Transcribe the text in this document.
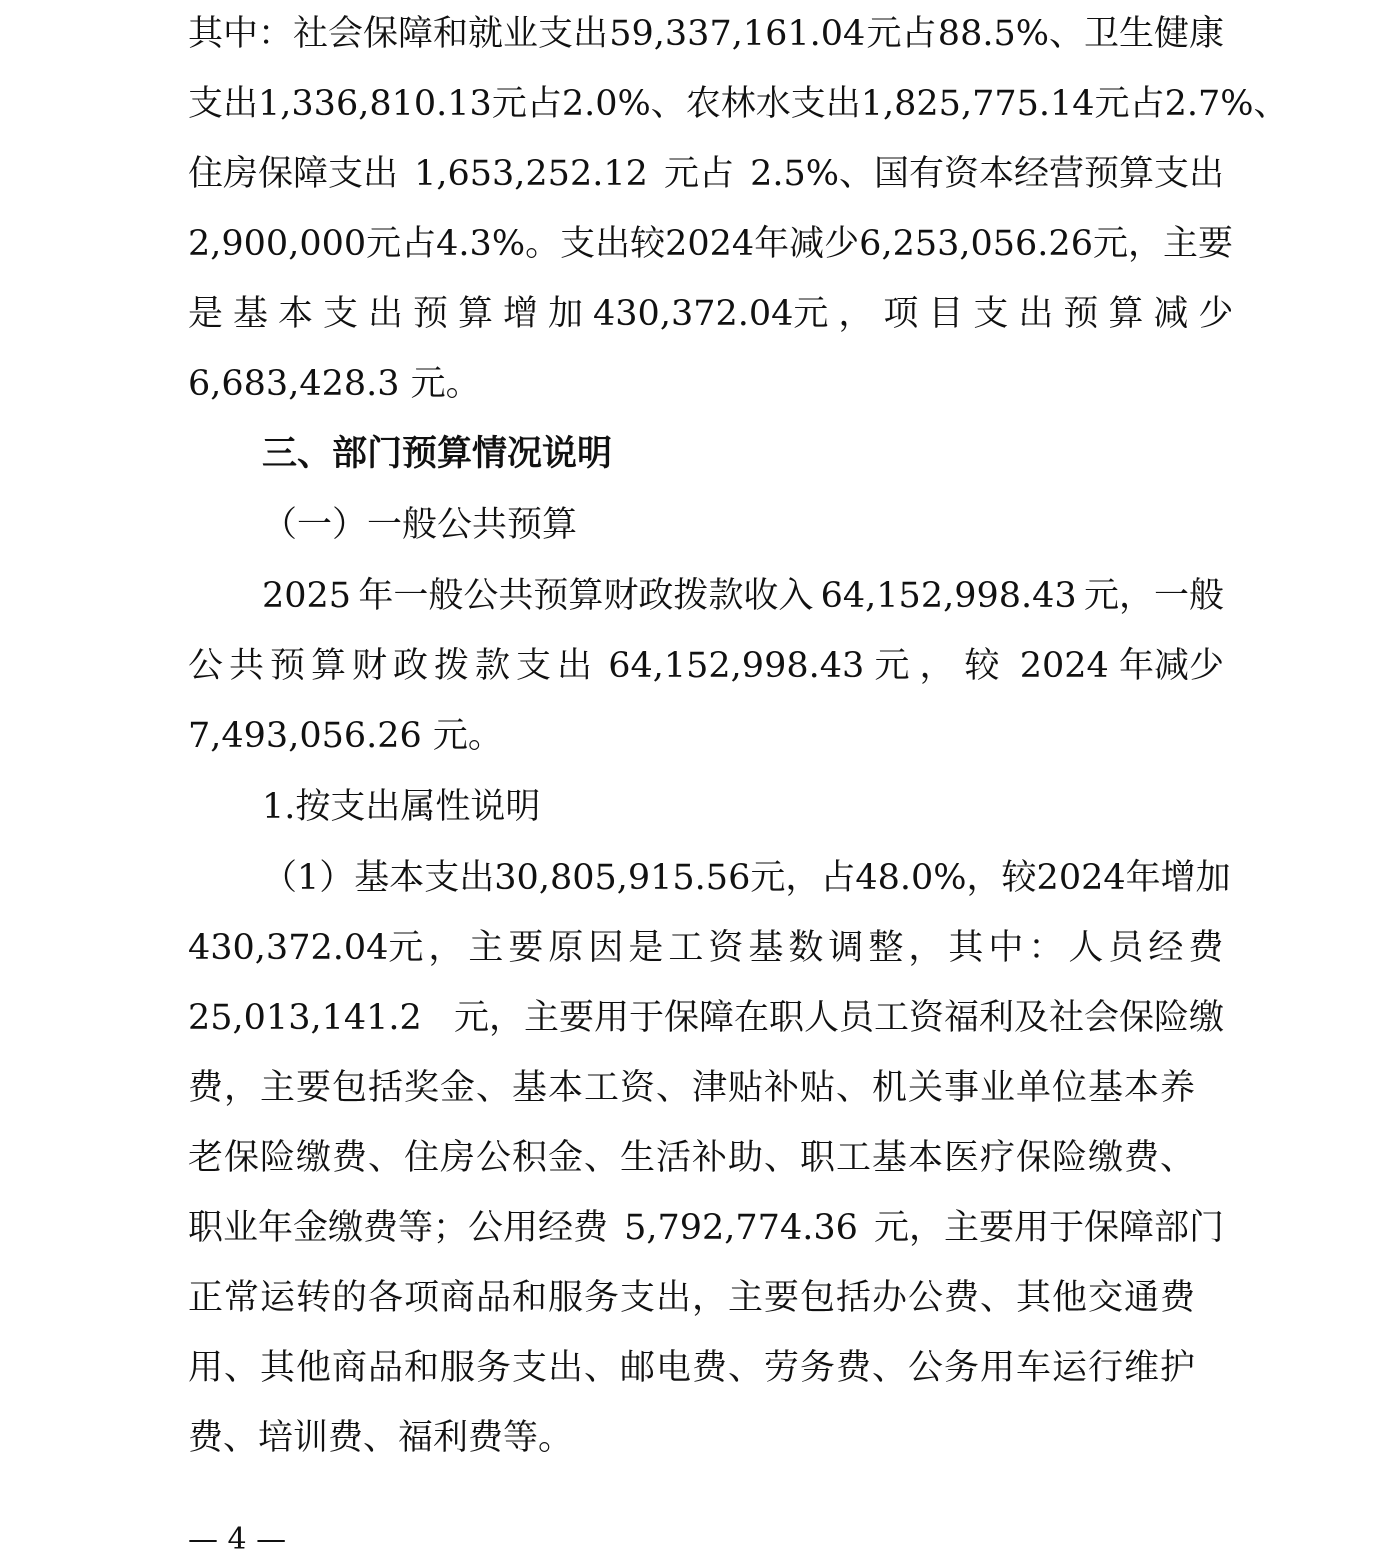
其中：社会保障和就业支出 59,337,161.04 元占 88.5%、卫生健康
支出 1,336,810.13 元占 2.0%、农林水支出 1,825,775.14 元占 2.7%、
住房保障支出 1,653,252.12 元占 2.5%、国有资本经营预算支出
2,900,000 元占 4.3%。支出较 2024 年减少 6,253,056.26 元，主要
是基本支出预算增加 430,372.04 元，项目支出预算减少
6,683,428.3 元。
三、部门预算情况说明
（一）一般公共预算
2025 年一般公共预算财政拨款收入 64,152,998.43 元，一般
公共预算财政拨款支出 64,152,998.43 元，较 2024 年减少
7,493,056.26 元。
1.按支出属性说明
（1）基本支出 30,805,915.56 元，占 48.0%，较 2024 年增加
430,372.04 元，主要原因是工资基数调整，其中：人员经费
25,013,141.2 元，主要用于保障在职人员工资福利及社会保险缴
费，主要包括奖金、基本工资、津贴补贴、机关事业单位基本养
老保险缴费、住房公积金、生活补助、职工基本医疗保险缴费、
职业年金缴费等；公用经费 5,792,774.36 元，主要用于保障部门
正常运转的各项商品和服务支出，主要包括办公费、其他交通费
用、其他商品和服务支出、邮电费、劳务费、公务用车运行维护
费、培训费、福利费等。
— 4 —
